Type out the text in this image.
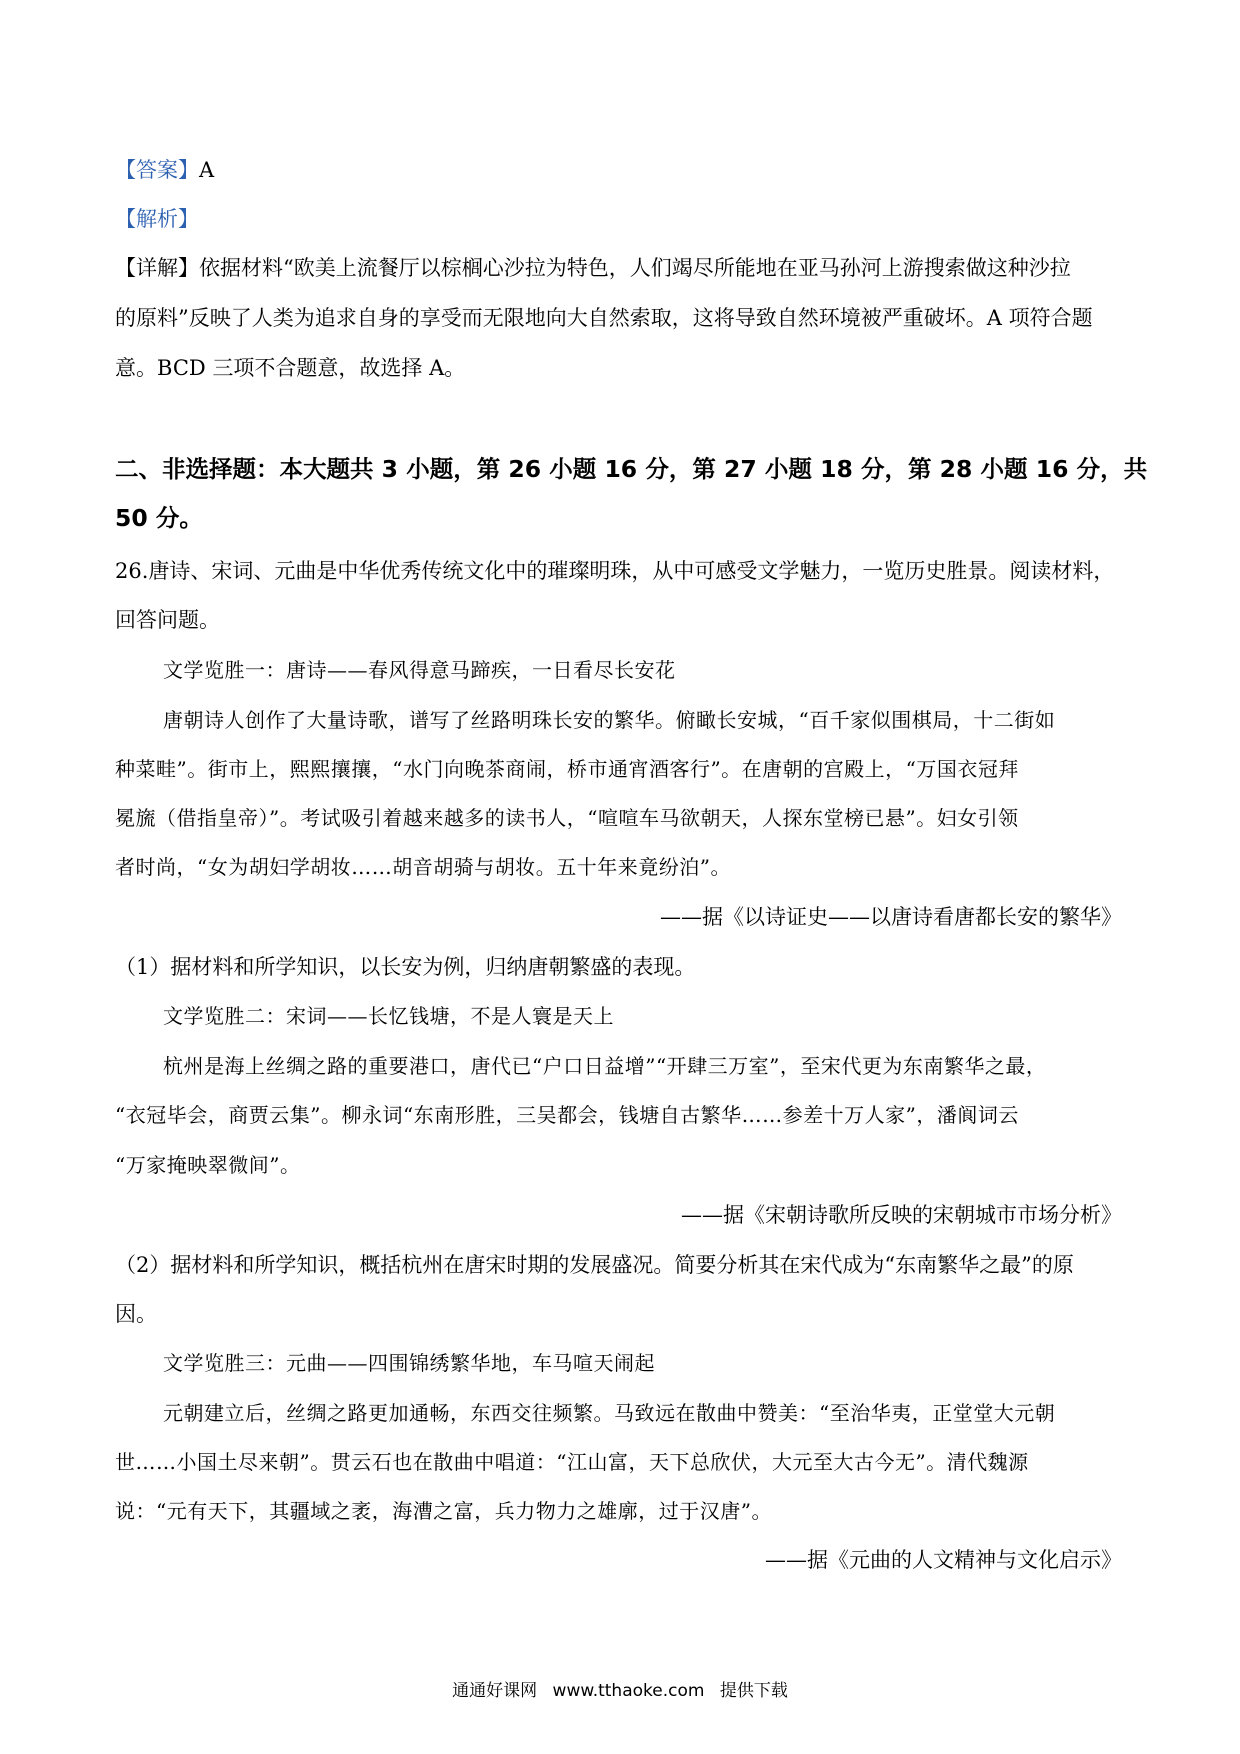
【答案】A
【解析】
【详解】依据材料“欧美上流餐厅以棕榈心沙拉为特色，人们竭尽所能地在亚马孙河上游搜索做这种沙拉
的原料”反映了人类为追求自身的享受而无限地向大自然索取，这将导致自然环境被严重破坏。A 项符合题
意。BCD 三项不合题意，故选择 A。
二、非选择题：本大题共 3 小题，第 26 小题 16 分，第 27 小题 18 分，第 28 小题 16 分，共
50 分。
26.唐诗、宋词、元曲是中华优秀传统文化中的璀璨明珠，从中可感受文学魅力，一览历史胜景。阅读材料，
回答问题。
文学览胜一：唐诗——春风得意马蹄疾，一日看尽长安花
唐朝诗人创作了大量诗歌，谱写了丝路明珠长安的繁华。俯瞰长安城，“百千家似围棋局，十二街如
种菜畦”。街市上，熙熙攘攘，“水门向晚茶商闹，桥市通宵酒客行”。在唐朝的宫殿上，“万国衣冠拜
冕旒（借指皇帝）”。考试吸引着越来越多的读书人，“喧喧车马欲朝天，人探东堂榜已悬”。妇女引领
者时尚，“女为胡妇学胡妆……胡音胡骑与胡妆。五十年来竟纷泊”。
——据《以诗证史——以唐诗看唐都长安的繁华》
（1）据材料和所学知识，以长安为例，归纳唐朝繁盛的表现。
文学览胜二：宋词——长忆钱塘，不是人寰是天上
杭州是海上丝绸之路的重要港口，唐代已“户口日益增”“开肆三万室”，至宋代更为东南繁华之最，
“衣冠毕会，商贾云集”。柳永词“东南形胜，三吴都会，钱塘自古繁华……参差十万人家”，潘阆词云
“万家掩映翠微间”。
——据《宋朝诗歌所反映的宋朝城市市场分析》
（2）据材料和所学知识，概括杭州在唐宋时期的发展盛况。简要分析其在宋代成为“东南繁华之最”的原
因。
文学览胜三：元曲——四围锦绣繁华地，车马喧天闹起
元朝建立后，丝绸之路更加通畅，东西交往频繁。马致远在散曲中赞美：“至治华夷，正堂堂大元朝
世……小国土尽来朝”。贯云石也在散曲中唱道：“江山富，天下总欣伏，大元至大古今无”。清代魏源
说：“元有天下，其疆域之袤，海漕之富，兵力物力之雄廓，过于汉唐”。
——据《元曲的人文精神与文化启示》
通通好课网 www.tthaoke.com 提供下载
